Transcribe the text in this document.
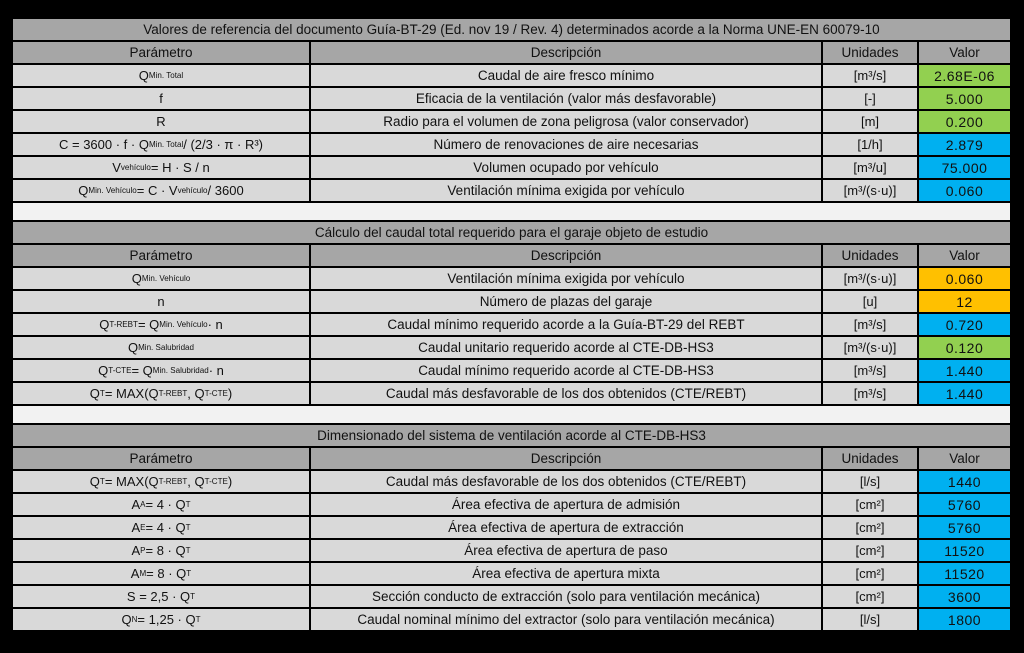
Valores de referencia del documento Guía-BT-29 (Ed. nov 19 / Rev. 4) determinados acorde a la Norma UNE-EN 60079-10
Parámetro	Descripción	Unidades	Valor
Q Min. Total	Caudal de aire fresco mínimo	[m³/s]	2.68E-06
f	Eficacia de la ventilación (valor más desfavorable)	[-]	5.000
R	Radio para el volumen de zona peligrosa (valor conservador)	[m]	0.200
C = 3600 · f · Q Min. Total / (2/3 · π · R³)	Número de renovaciones de aire necesarias	[1/h]	2.879
V vehículo = H · S / n	Volumen ocupado por vehículo	[m³/u]	75.000
Q Min. Vehículo = C · V vehículo / 3600	Ventilación mínima exigida por vehículo	[m³/(s·u)]	0.060
Cálculo del caudal total requerido para el garaje objeto de estudio
Parámetro	Descripción	Unidades	Valor
Q Min. Vehículo	Ventilación mínima exigida por vehículo	[m³/(s·u)]	0.060
n	Número de plazas del garaje	[u]	12
Q T-REBT = Q Min. Vehículo · n	Caudal mínimo requerido acorde a la Guía-BT-29 del REBT	[m³/s]	0.720
Q Min. Salubridad	Caudal unitario requerido acorde al CTE-DB-HS3	[m³/(s·u)]	0.120
Q T-CTE = Q Min. Salubridad · n	Caudal mínimo requerido acorde al CTE-DB-HS3	[m³/s]	1.440
Q T = MAX(Q T-REBT , Q T-CTE )	Caudal más desfavorable de los dos obtenidos (CTE/REBT)	[m³/s]	1.440
Dimensionado del sistema de ventilación acorde al CTE-DB-HS3
Parámetro	Descripción	Unidades	Valor
Q T = MAX(Q T-REBT , Q T-CTE )	Caudal más desfavorable de los dos obtenidos (CTE/REBT)	[l/s]	1440
A A = 4 · Q T	Área efectiva de apertura de admisión	[cm²]	5760
A E = 4 · Q T	Área efectiva de apertura de extracción	[cm²]	5760
A P = 8 · Q T	Área efectiva de apertura de paso	[cm²]	11520
A M = 8 · Q T	Área efectiva de apertura mixta	[cm²]	11520
S = 2,5 · Q T	Sección conducto de extracción (solo para ventilación mecánica)	[cm²]	3600
Q N = 1,25 · Q T	Caudal nominal mínimo del extractor (solo para ventilación mecánica)	[l/s]	1800
